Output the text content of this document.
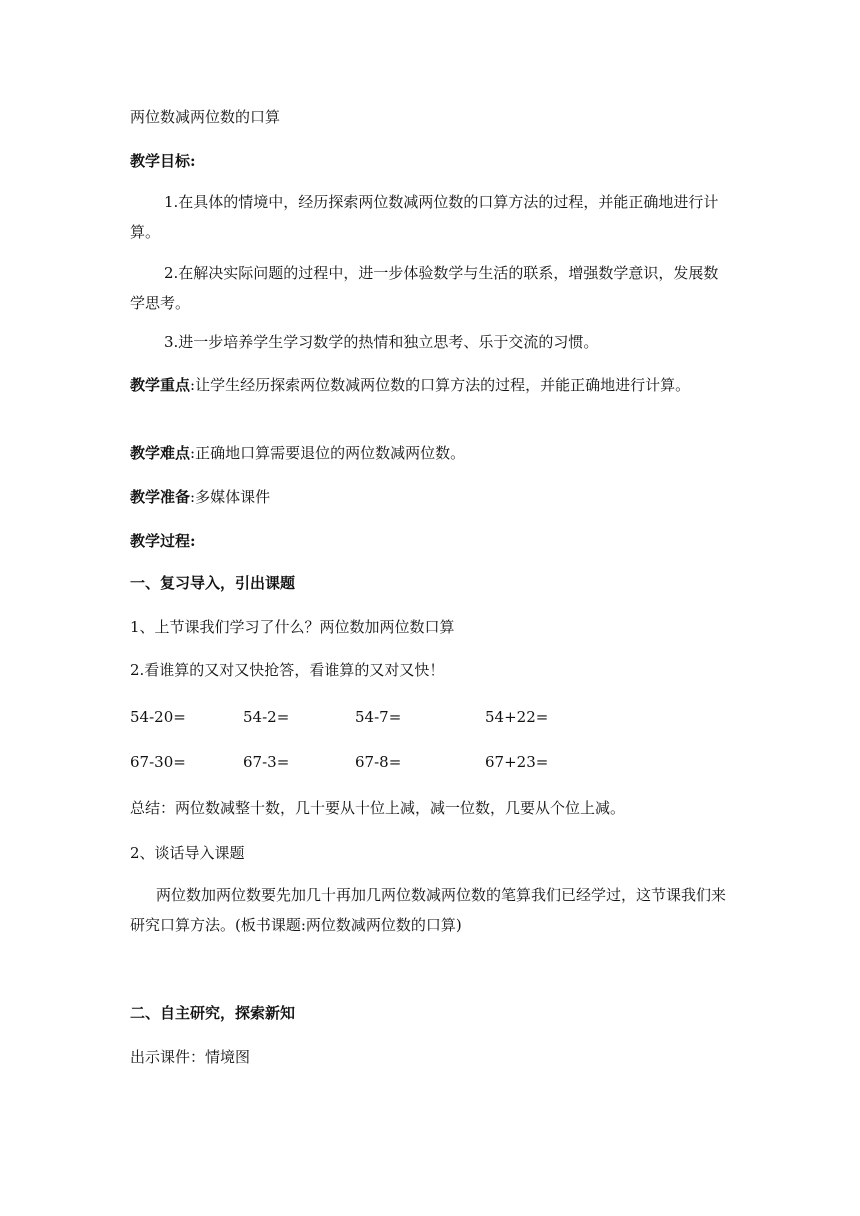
两位数减两位数的口算
教学目标:
1.在具体的情境中，经历探索两位数减两位数的口算方法的过程，并能正确地进行计算。
2.在解决实际问题的过程中，进一步体验数学与生活的联系，增强数学意识，发展数学思考。
3.进一步培养学生学习数学的热情和独立思考、乐于交流的习惯。
教学重点:让学生经历探索两位数减两位数的口算方法的过程，并能正确地进行计算。
教学难点:正确地口算需要退位的两位数减两位数。
教学准备:多媒体课件
教学过程:
一、复习导入，引出课题
1、上节课我们学习了什么？两位数加两位数口算
2.看谁算的又对又快抢答，看谁算的又对又快！
54-20=	54-2=	54-7=	54+22=
67-30=	67-3=	67-8=	67+23=
总结：两位数减整十数，几十要从十位上减，减一位数，几要从个位上减。
2、谈话导入课题
两位数加两位数要先加几十再加几两位数减两位数的笔算我们已经学过，这节课我们来研究口算方法。(板书课题:两位数减两位数的口算)
二、自主研究，探索新知
出示课件：情境图
